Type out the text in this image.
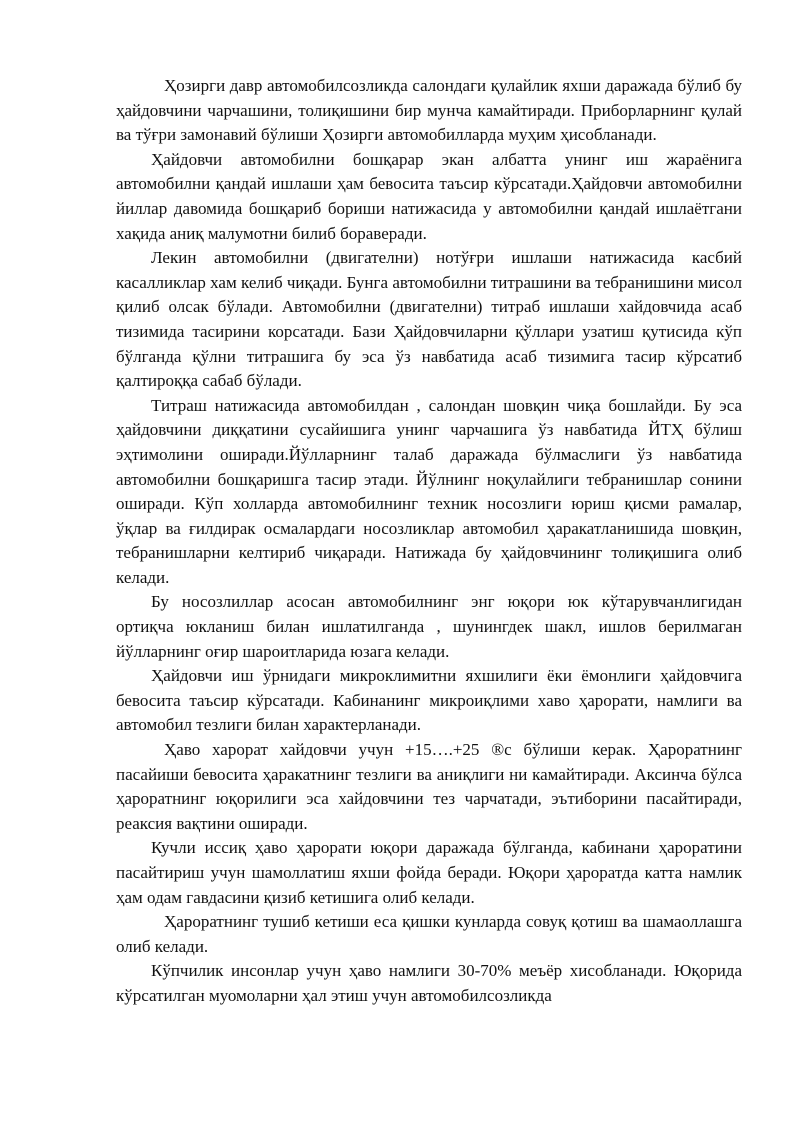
Ҳозирги давр автомобилсозликда салондаги қулайлик яхши даражада бўлиб бу ҳайдовчини чарчашини, толиқишини бир мунча камайтиради. Приборларнинг қулай ва тўғри замонавий бўлиши Ҳозирги автомобилларда муҳим ҳисобланади.

Ҳайдовчи автомобилни бошқарар экан албатта унинг иш жараёнига автомобилни қандай ишлаши ҳам бевосита таъсир кўрсатади.Ҳайдовчи автомобилни йиллар давомида бошқариб бориши натижасида у автомобилни қандай ишлаётгани хақида аниқ малумотни билиб бораверади.

Лекин автомобилни (двигателни) нотўғри ишлаши натижасида касбий касалликлар хам келиб чиқади. Бунга автомобилни титрашини ва тебранишини мисол қилиб олсак бўлади. Автомобилни (двигателни) титраб ишлаши хайдовчида асаб тизимида тасирини корсатади. Бази Ҳайдовчиларни қўллари узатиш қутисида кўп бўлганда қўлни титрашига бу эса ўз навбатида асаб тизимига тасир кўрсатиб қалтироққа сабаб бўлади.

Титраш натижасида автомобилдан , салондан шовқин чиқа бошлайди. Бу эса ҳайдовчини диққатини сусайишига унинг чарчашига ўз навбатида ЙТҲ бўлиш эҳтимолини оширади.Йўлларнинг талаб даражада бўлмаслиги ўз навбатида автомобилни бошқаришга тасир этади. Йўлнинг ноқулайлиги тебранишлар сонини оширади. Кўп холларда автомобилнинг техник носозлиги юриш қисми рамалар, ўқлар ва ғилдирак осмалардаги носозликлар автомобил ҳаракатланишида шовқин, тебранишларни келтириб чиқаради. Натижада бу ҳайдовчининг толиқишига олиб келади.

Бу носозлиллар асосан автомобилнинг энг юқори юк кўтарувчанлигидан ортиқча юкланиш билан ишлатилганда , шунингдек шакл, ишлов берилмаган йўлларнинг оғир шароитларида юзага келади.

Ҳайдовчи иш ўрнидаги микроклимитни яхшилиги ёки ёмонлиги ҳайдовчига бевосита таъсир кўрсатади. Кабинанинг микроиқлими хаво ҳарорати, намлиги ва автомобил тезлиги билан характерланади.

Ҳаво харорат хайдовчи учун +15….+25 ®с бўлиши керак. Ҳароратнинг пасайиши бевосита ҳаракатнинг тезлиги ва аниқлиги ни камайтиради. Аксинча бўлса ҳароратнинг юқорилиги эса хайдовчини тез чарчатади, эътиборини пасайтиради, реаксия вақтини оширади.

Кучли иссиқ ҳаво ҳарорати юқори даражада бўлганда, кабинани ҳароратини пасайтириш учун шамоллатиш яхши фойда беради. Юқори ҳароратда катта намлик ҳам одам гавдасини қизиб кетишига олиб келади.

Ҳароратнинг тушиб кетиши еса қишки кунларда совуқ қотиш ва шамаоллашга олиб келади.

Кўпчилик инсонлар учун ҳаво намлиги 30-70% меъёр хисобланади. Юқорида кўрсатилган муомоларни ҳал этиш учун автомобилсозликда
